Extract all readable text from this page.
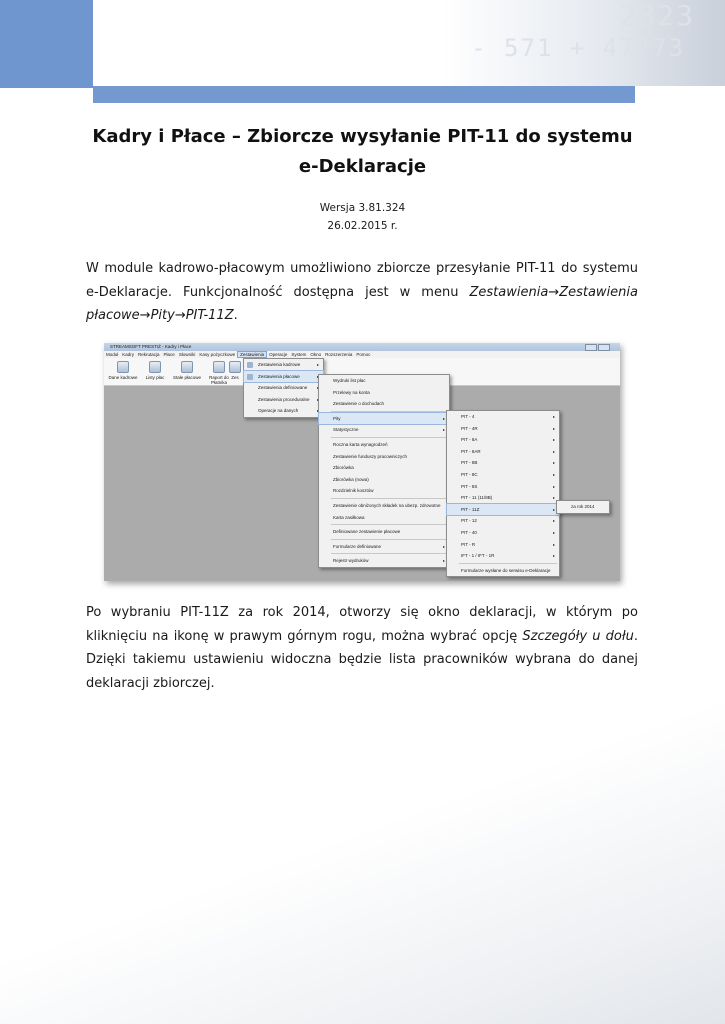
2323
- 571 + 47773
Kadry i Płace – Zbiorcze wysyłanie PIT-11 do systemu
e-Deklaracje
Wersja 3.81.324
26.02.2015 r.
W module kadrowo-płacowym umożliwiono zbiorcze przesyłanie PIT-11 do systemu e-Deklaracje. Funkcjonalność dostępna jest w menu Zestawienia→Zestawienia płacowe→Pity→PIT-11Z.
STREAMSOFT PRESTIŻ - Kadry i Płace
Moduł Kadry Rekrutacja Płace Słowniki Kasy pożyczkowe Zestawienia Operacje System Okno Rozszerzenia Pomoc
Dane kadrowe	Listy płac	Stałe płacowe	Raport do Płatnika
Zes
Zestawienia kadrowe	▸
Zestawienia płacowe
Zestawienia definiowane
Zestawienia proceduralne
Operacje na danych
Wydruki list płac
Przelewy na konta
Zestawienie o dochodach
Pity	▸
Statystyczne	▸
Roczna karta wynagrodzeń
Zestawienie funduszy pracowniczych
Zbiorówka
Zbiorówka (nowa)
Rozdzielnik kosztów
Zestawienie obniżonych składek na ubezp. zdrowotne
Karta zasiłkowa
Definiowane zestawienie płacowe
Formularze definiowane	▸
Rejestr wydruków	▸
PIT - 4	▸
PIT - 4R	▸
PIT - 8A	▸
PIT - 8AR	▸
PIT - 8B	▸
PIT - 8C	▸
PIT - 8S	▸
PIT - 11 (11/8B)	▸
PIT - 11Z	▸
PIT - 12	▸
PIT - 40	▸
PIT - R	▸
IFT - 1 / IFT - 1R	▸
Formularze wysłane do serwisu e-Deklaracje
za rok 2014
Po wybraniu PIT-11Z za rok 2014, otworzy się okno deklaracji, w którym po kliknięciu na ikonę w prawym górnym rogu, można wybrać opcję Szczegóły u dołu. Dzięki takiemu ustawieniu widoczna będzie lista pracowników wybrana do danej deklaracji zbiorczej.
